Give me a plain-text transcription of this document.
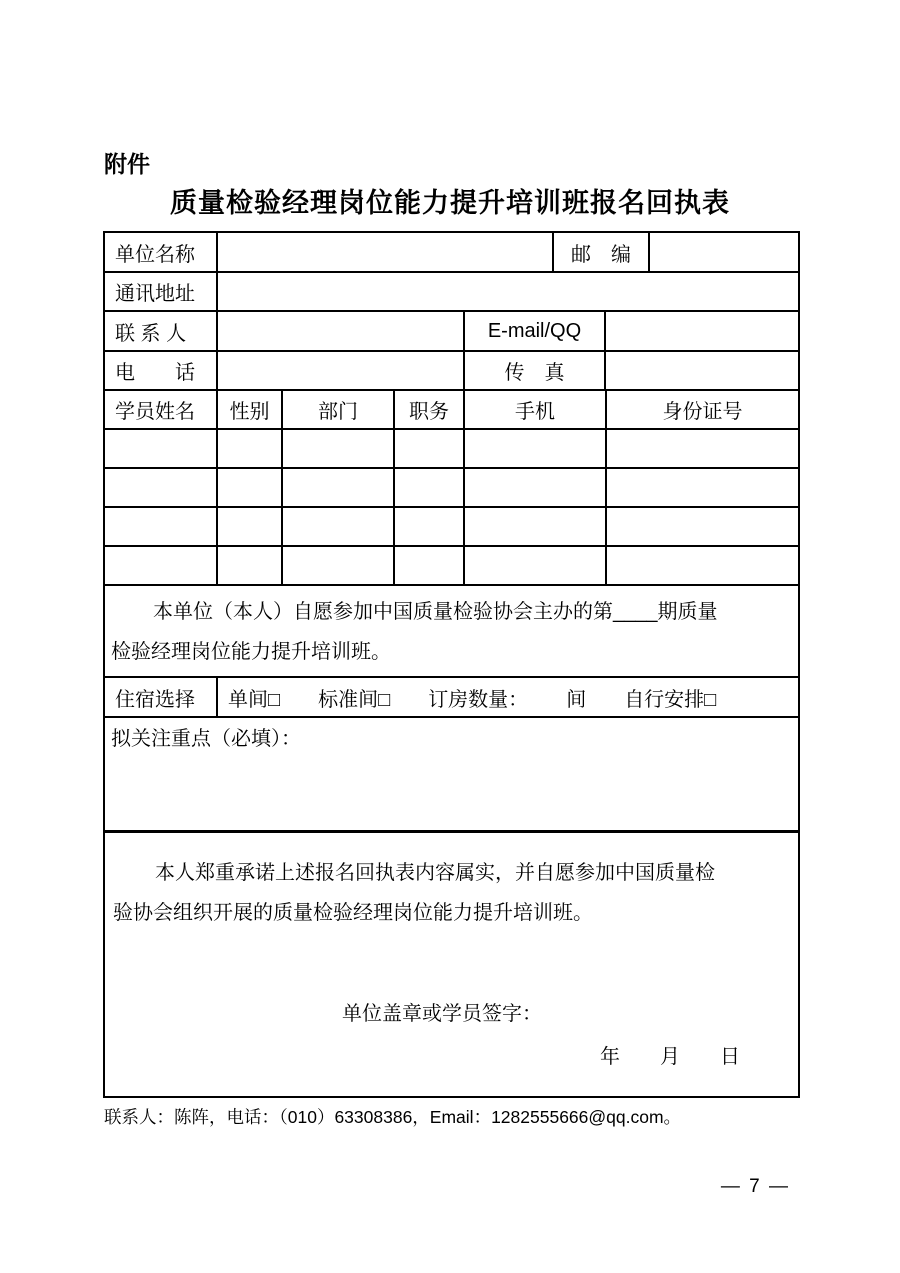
附件
质量检验经理岗位能力提升培训班报名回执表
单位名称	邮　编
通讯地址
联 系 人	E-mail/QQ
电　　话	传　真
学员姓名	性别	部门	职务	手机	身份证号
本单位（本人）自愿参加中国质量检验协会主办的第____期质量
检验经理岗位能力提升培训班。
住宿选择	单间□ 标准间□ 订房数量： 间 自行安排□
拟关注重点（必填）：
本人郑重承诺上述报名回执表内容属实，并自愿参加中国质量检
验协会组织开展的质量检验经理岗位能力提升培训班。
单位盖章或学员签字：
年　　月　　日
联系人：陈阵，电话：（010）63308386，Email：1282555666@qq.com。
— 7 —
